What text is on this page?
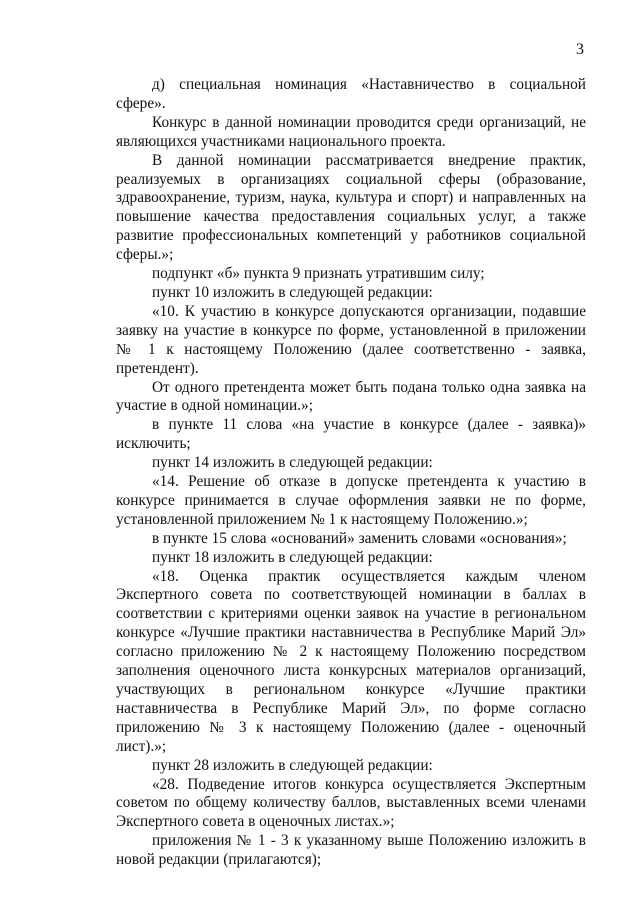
3

д) специальная номинация «Наставничество в социальной сфере».

Конкурс в данной номинации проводится среди организаций, не являющихся участниками национального проекта.

В данной номинации рассматривается внедрение практик, реализуемых в организациях социальной сферы (образование, здравоохранение, туризм, наука, культура и спорт) и направленных на повышение качества предоставления социальных услуг, а также развитие профессиональных компетенций у работников социальной сферы.»;

подпункт «б» пункта 9 признать утратившим силу;

пункт 10 изложить в следующей редакции:

«10. К участию в конкурсе допускаются организации, подавшие заявку на участие в конкурсе по форме, установленной в приложении № 1 к настоящему Положению (далее соответственно - заявка, претендент).

От одного претендента может быть подана только одна заявка на участие в одной номинации.»;

в пункте 11 слова «на участие в конкурсе (далее - заявка)» исключить;

пункт 14 изложить в следующей редакции:

«14. Решение об отказе в допуске претендента к участию в конкурсе принимается в случае оформления заявки не по форме, установленной приложением № 1 к настоящему Положению.»;

в пункте 15 слова «оснований» заменить словами «основания»;

пункт 18 изложить в следующей редакции:

«18. Оценка практик осуществляется каждым членом Экспертного совета по соответствующей номинации в баллах в соответствии с критериями оценки заявок на участие в региональном конкурсе «Лучшие практики наставничества в Республике Марий Эл» согласно приложению № 2 к настоящему Положению посредством заполнения оценочного листа конкурсных материалов организаций, участвующих в региональном конкурсе «Лучшие практики наставничества в Республике Марий Эл», по форме согласно приложению № 3 к настоящему Положению (далее - оценочный лист).»;

пункт 28 изложить в следующей редакции:

«28. Подведение итогов конкурса осуществляется Экспертным советом по общему количеству баллов, выставленных всеми членами Экспертного совета в оценочных листах.»;

приложения № 1 - 3 к указанному выше Положению изложить в новой редакции (прилагаются);
